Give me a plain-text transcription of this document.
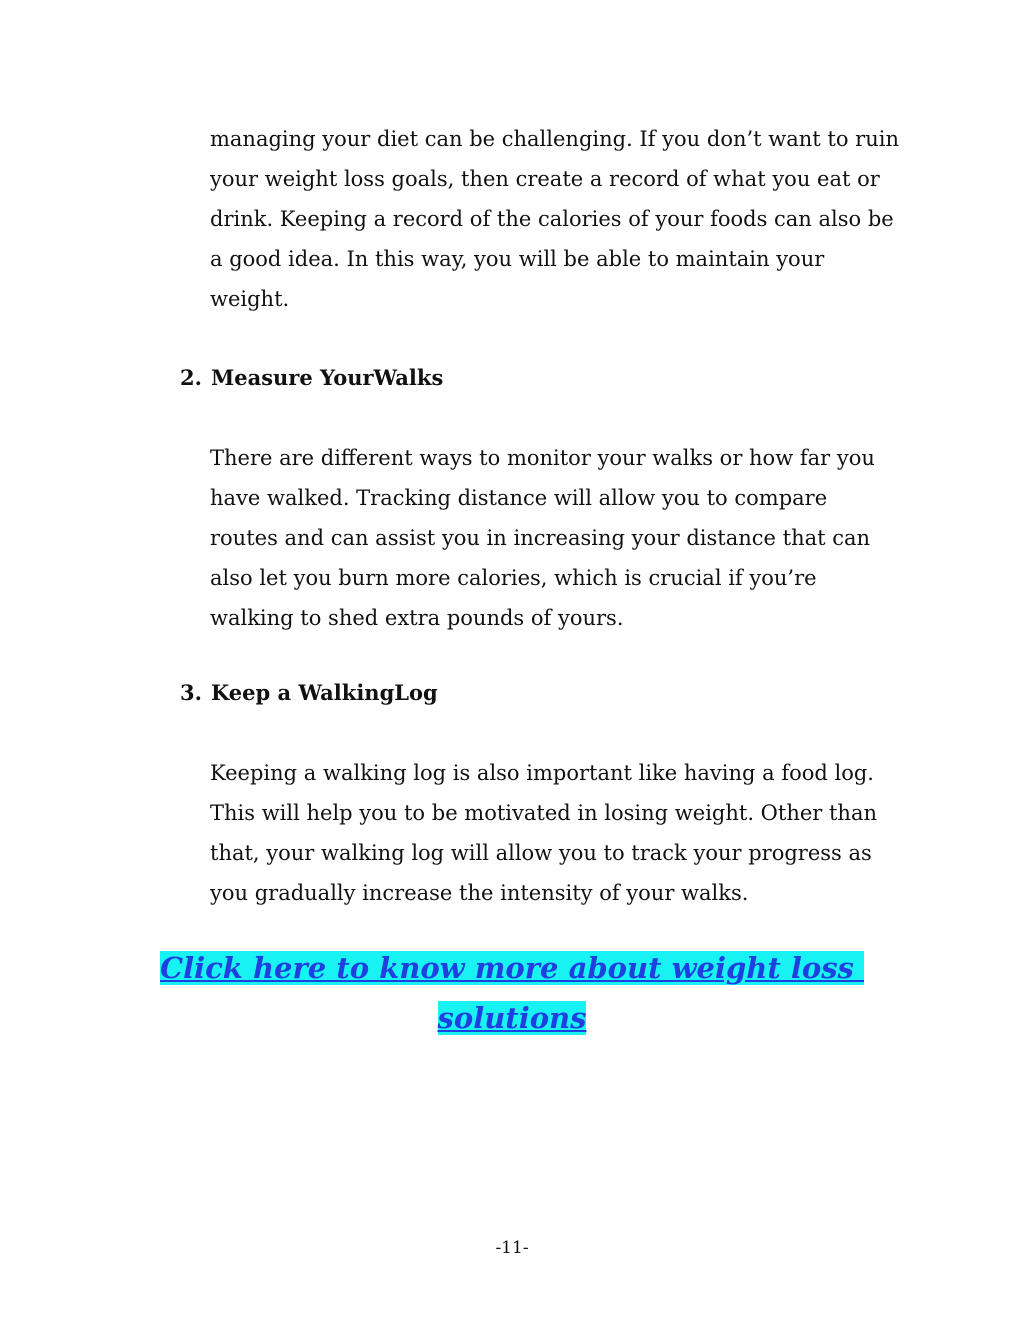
managing your diet can be challenging. If you don’t want to ruin
your weight loss goals, then create a record of what you eat or
drink. Keeping a record of the calories of your foods can also be
a good idea. In this way, you will be able to maintain your
weight.

2. Measure YourWalks

There are different ways to monitor your walks or how far you
have walked. Tracking distance will allow you to compare
routes and can assist you in increasing your distance that can
also let you burn more calories, which is crucial if you’re
walking to shed extra pounds of yours.

3. Keep a WalkingLog

Keeping a walking log is also important like having a food log.
This will help you to be motivated in losing weight. Other than
that, your walking log will allow you to track your progress as
you gradually increase the intensity of your walks.

Click here to know more about weight loss
solutions
-11-
